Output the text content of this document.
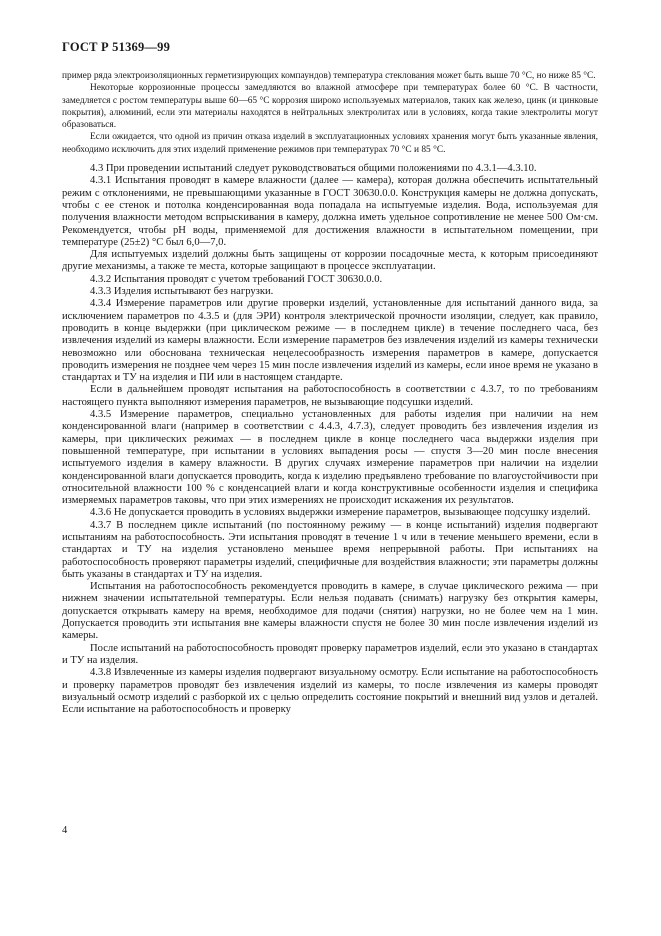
ГОСТ Р 51369—99

пример ряда электроизоляционных герметизирующих компаундов) температура стеклования может быть выше 70 °С, но ниже 85 °С.

Некоторые коррозионные процессы замедляются во влажной атмосфере при температурах более 60 °С. В частности, замедляется с ростом температуры выше 60—65 °С коррозия широко используемых материалов, таких как железо, цинк (и цинковые покрытия), алюминий, если эти материалы находятся в нейтральных электролитах или в условиях, когда такие электролиты могут образоваться.

Если ожидается, что одной из причин отказа изделий в эксплуатационных условиях хранения могут быть указанные явления, необходимо исключить для этих изделий применение режимов при температурах 70 °С и 85 °С.

4.3 При проведении испытаний следует руководствоваться общими положениями по 4.3.1—4.3.10.

4.3.1 Испытания проводят в камере влажности (далее — камера), которая должна обеспечить испытательный режим с отклонениями, не превышающими указанные в ГОСТ 30630.0.0. Конструкция камеры не должна допускать, чтобы с ее стенок и потолка конденсированная вода попадала на испытуемые изделия. Вода, используемая для получения влажности методом вспрыскивания в камеру, должна иметь удельное сопротивление не менее 500 Ом·см. Рекомендуется, чтобы рН воды, применяемой для достижения влажности в испытательном помещении, при температуре (25±2) °С был 6,0—7,0.

Для испытуемых изделий должны быть защищены от коррозии посадочные места, к которым присоединяют другие механизмы, а также те места, которые защищают в процессе эксплуатации.

4.3.2 Испытания проводят с учетом требований ГОСТ 30630.0.0.

4.3.3 Изделия испытывают без нагрузки.

4.3.4 Измерение параметров или другие проверки изделий, установленные для испытаний данного вида, за исключением параметров по 4.3.5 и (для ЭРИ) контроля электрической прочности изоляции, следует, как правило, проводить в конце выдержки (при циклическом режиме — в последнем цикле) в течение последнего часа, без извлечения изделий из камеры влажности. Если измерение параметров без извлечения изделий из камеры технически невозможно или обоснована техническая нецелесообразность измерения параметров в камере, допускается проводить измерения не позднее чем через 15 мин после извлечения изделий из камеры, если иное время не указано в стандартах и ТУ на изделия и ПИ или в настоящем стандарте.

Если в дальнейшем проводят испытания на работоспособность в соответствии с 4.3.7, то по требованиям настоящего пункта выполняют измерения параметров, не вызывающие подсушки изделий.

4.3.5 Измерение параметров, специально установленных для работы изделия при наличии на нем конденсированной влаги (например в соответствии с 4.4.3, 4.7.3), следует проводить без извлечения изделия из камеры, при циклических режимах — в последнем цикле в конце последнего часа выдержки изделия при повышенной температуре, при испытании в условиях выпадения росы — спустя 3—20 мин после внесения испытуемого изделия в камеру влажности. В других случаях измерение параметров при наличии на изделии конденсированной влаги допускается проводить, когда к изделию предъявлено требование по влагоустойчивости при относительной влажности 100 % с конденсацией влаги и когда конструктивные особенности изделия и специфика измеряемых параметров таковы, что при этих измерениях не происходит искажения их результатов.

4.3.6 Не допускается проводить в условиях выдержки измерение параметров, вызывающее подсушку изделий.

4.3.7 В последнем цикле испытаний (по постоянному режиму — в конце испытаний) изделия подвергают испытаниям на работоспособность. Эти испытания проводят в течение 1 ч или в течение меньшего времени, если в стандартах и ТУ на изделия установлено меньшее время непрерывной работы. При испытаниях на работоспособность проверяют параметры изделий, специфичные для воздействия влажности; эти параметры должны быть указаны в стандартах и ТУ на изделия.

Испытания на работоспособность рекомендуется проводить в камере, в случае циклического режима — при нижнем значении испытательной температуры. Если нельзя подавать (снимать) нагрузку без открытия камеры, допускается открывать камеру на время, необходимое для подачи (снятия) нагрузки, но не более чем на 1 мин. Допускается проводить эти испытания вне камеры влажности спустя не более 30 мин после извлечения изделий из камеры.

После испытаний на работоспособность проводят проверку параметров изделий, если это указано в стандартах и ТУ на изделия.

4.3.8 Извлеченные из камеры изделия подвергают визуальному осмотру. Если испытание на работоспособность и проверку параметров проводят без извлечения изделий из камеры, то после извлечения из камеры проводят визуальный осмотр изделий с разборкой их с целью определить состояние покрытий и внешний вид узлов и деталей. Если испытание на работоспособность и проверку

4
